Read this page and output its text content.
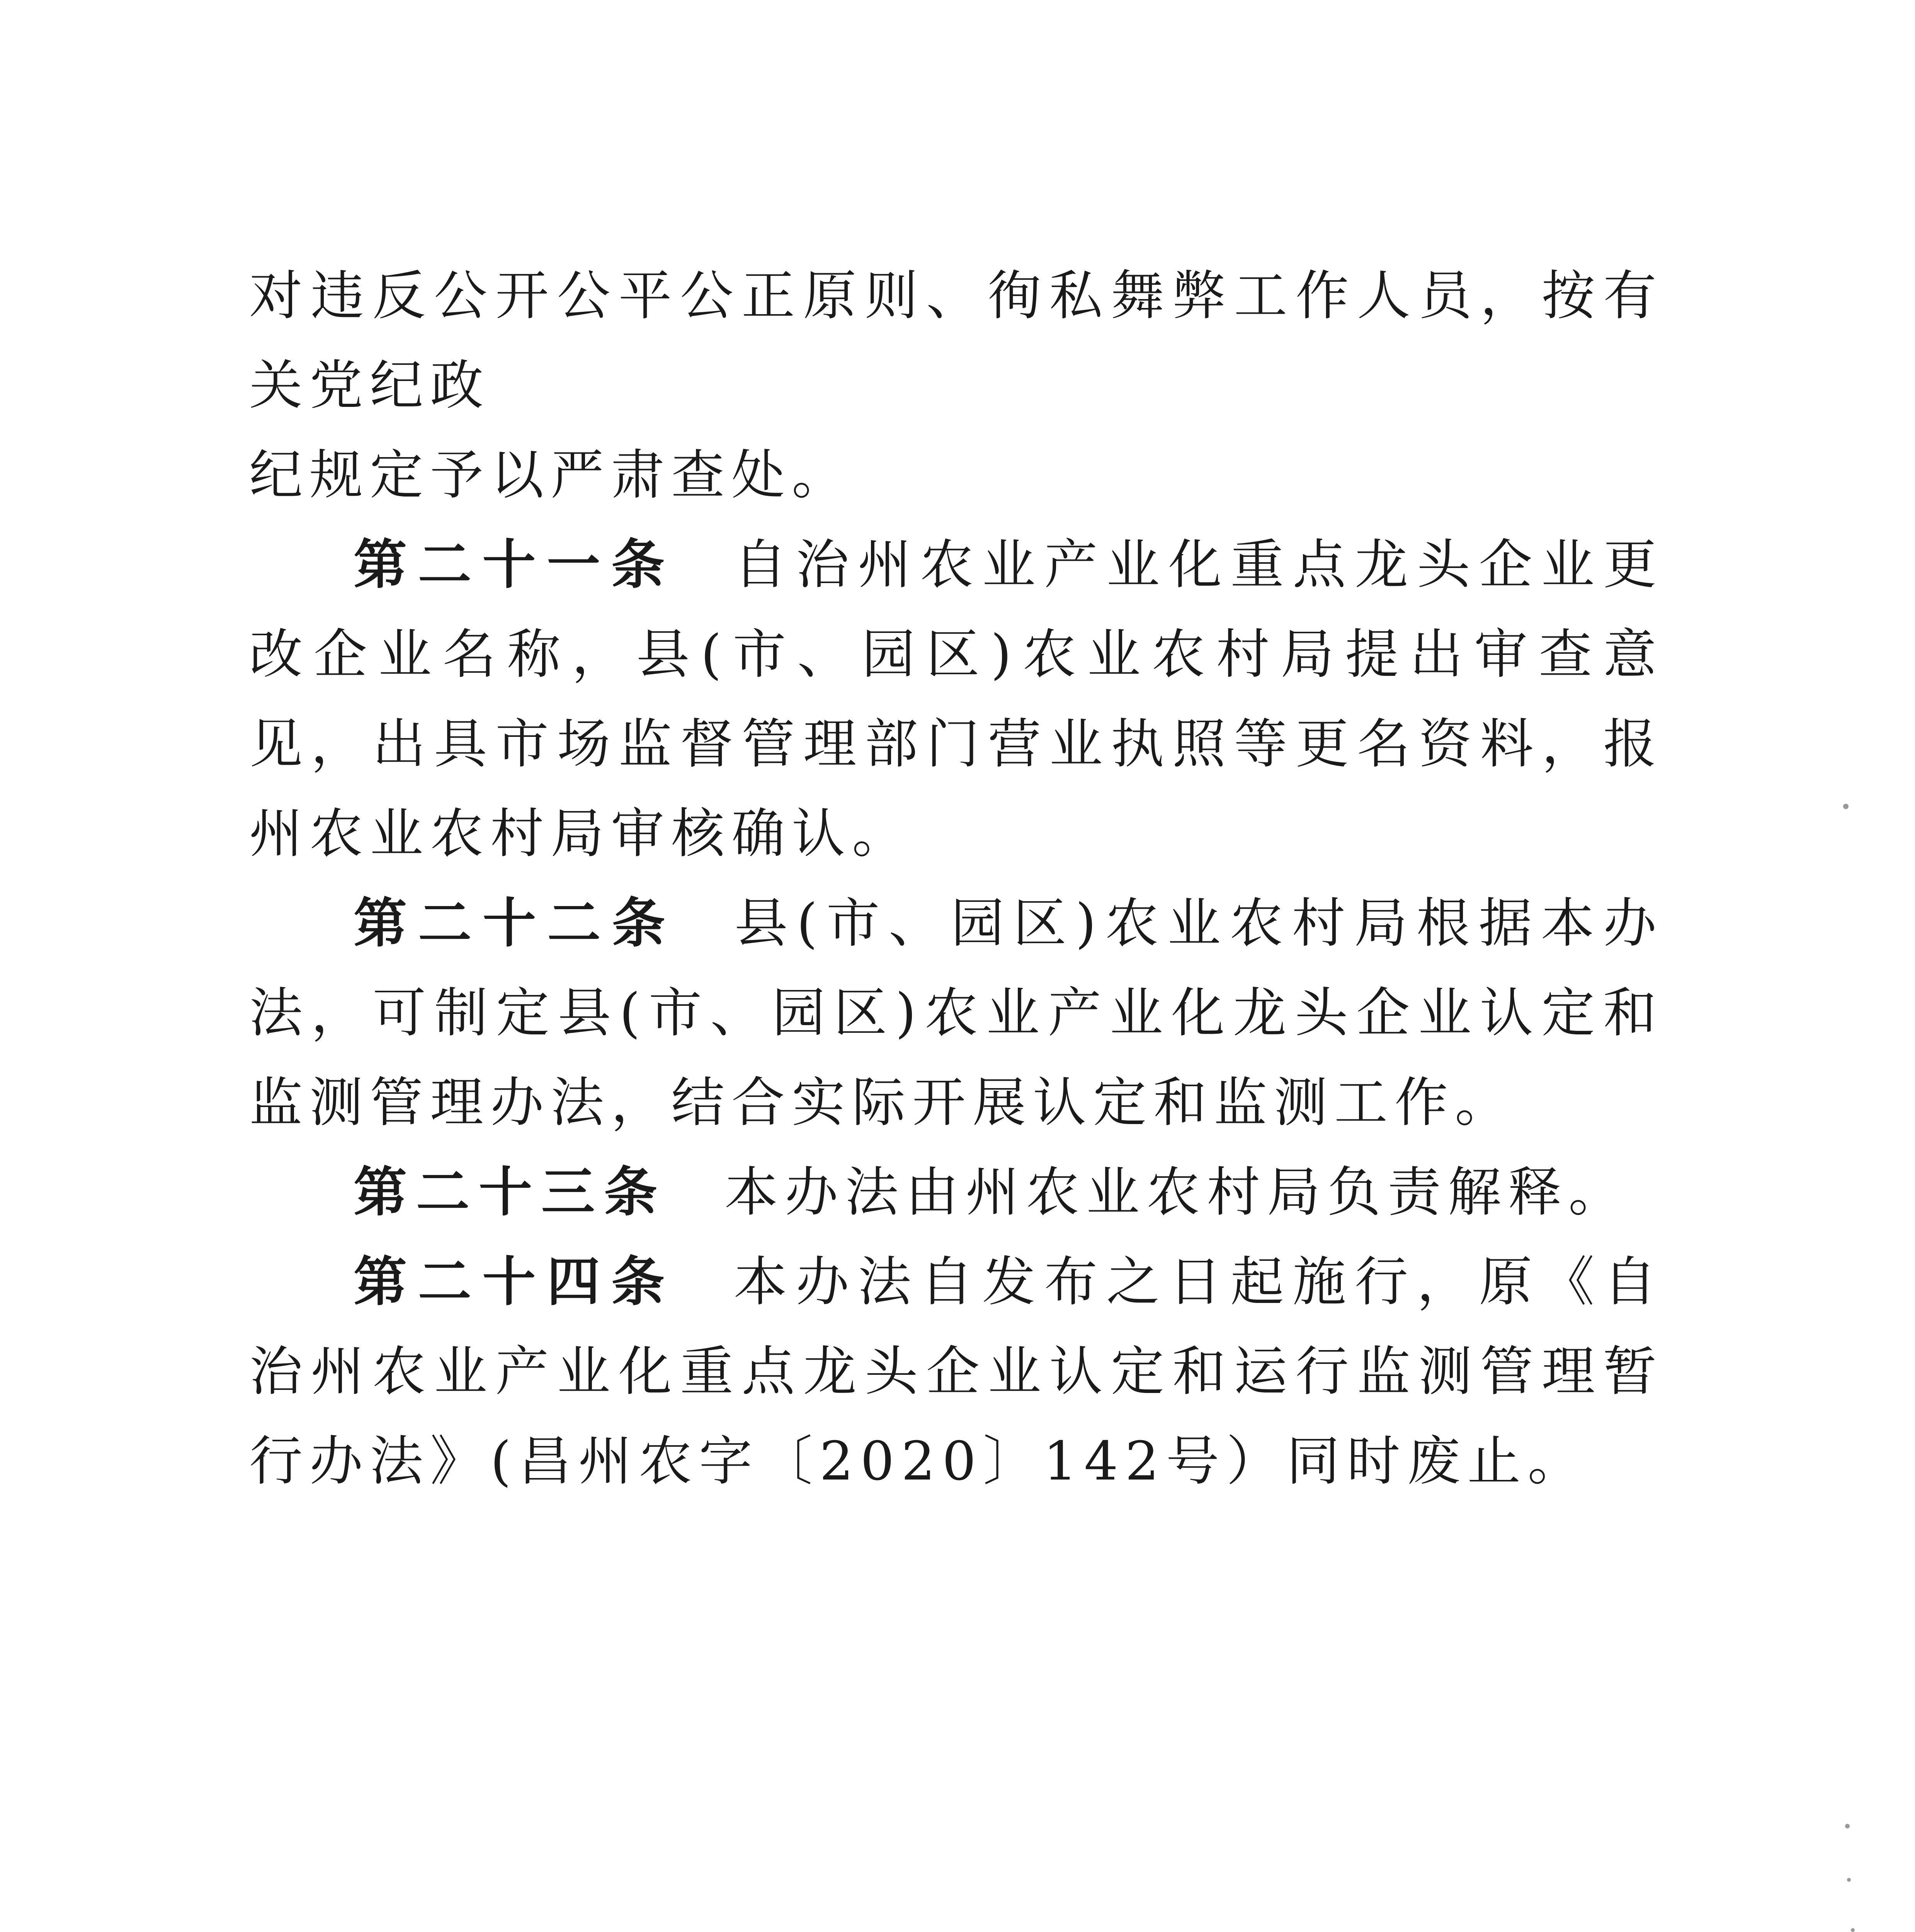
对违反公开公平公正原则、徇私舞弊工作人员，按有关党纪政
纪规定予以严肃查处。

第二十一条 自治州农业产业化重点龙头企业更改企业名称，县(市、园区)农业农村局提出审查意见，出具市场监督管理部门营业执照等更名资料，报州农业农村局审核确认。

第二十二条 县(市、园区)农业农村局根据本办法，可制定县(市、园区)农业产业化龙头企业认定和监测管理办法，结合实际开展认定和监测工作。

第二十三条 本办法由州农业农村局负责解释。

第二十四条 本办法自发布之日起施行，原《自治州农业产业化重点龙头企业认定和运行监测管理暂行办法》(昌州农字〔2020〕142号）同时废止。
